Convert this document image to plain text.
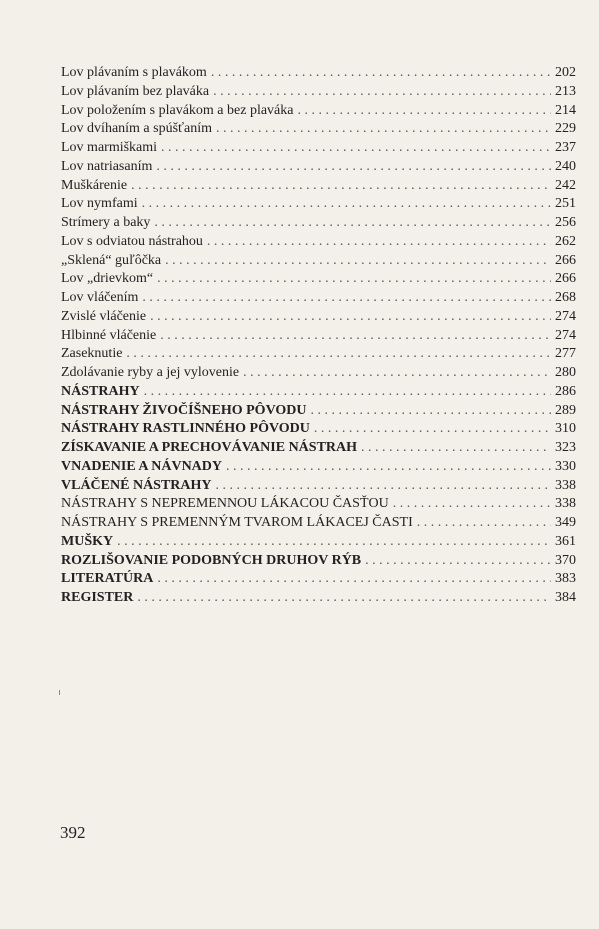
Lov plávaním s plavákom . . .	202
Lov plávaním bez plaváka . . .	213
Lov položením s plavákom a bez plaváka . . .	214
Lov dvíhaním a spúšťaním . . .	229
Lov marmiškami . . .	237
Lov natriasaním . . .	240
Muškárenie . . .	242
Lov nymfami . . .	251
Strímery a baky . . .	256
Lov s odviatou nástrahou . . .	262
„Sklená“ guľôčka . . .	266
Lov „drievkom“ . . .	266
Lov vláčením . . .	268
Zvislé vláčenie . . .	274
Hlbinné vláčenie . . .	274
Zaseknutie . . .	277
Zdolávanie ryby a jej vylovenie . . .	280
NÁSTRAHY . . .	286
NÁSTRAHY ŽIVOČÍŠNEHO PÔVODU . . .	289
NÁSTRAHY RASTLINNÉHO PÔVODU . . .	310
ZÍSKAVANIE A PRECHOVÁVANIE NÁSTRAH . . .	323
VNADENIE A NÁVNADY . . .	330
VLÁČENÉ NÁSTRAHY . . .	338
NÁSTRAHY S NEPREMENNOU LÁKACOU ČASŤOU . . .	338
NÁSTRAHY S PREMENNÝM TVAROM LÁKACEJ ČASTI . . .	349
MUŠKY . . .	361
ROZLIŠOVANIE PODOBNÝCH DRUHOV RÝB . . .	370
LITERATÚRA . . .	383
REGISTER . . .	384
392
